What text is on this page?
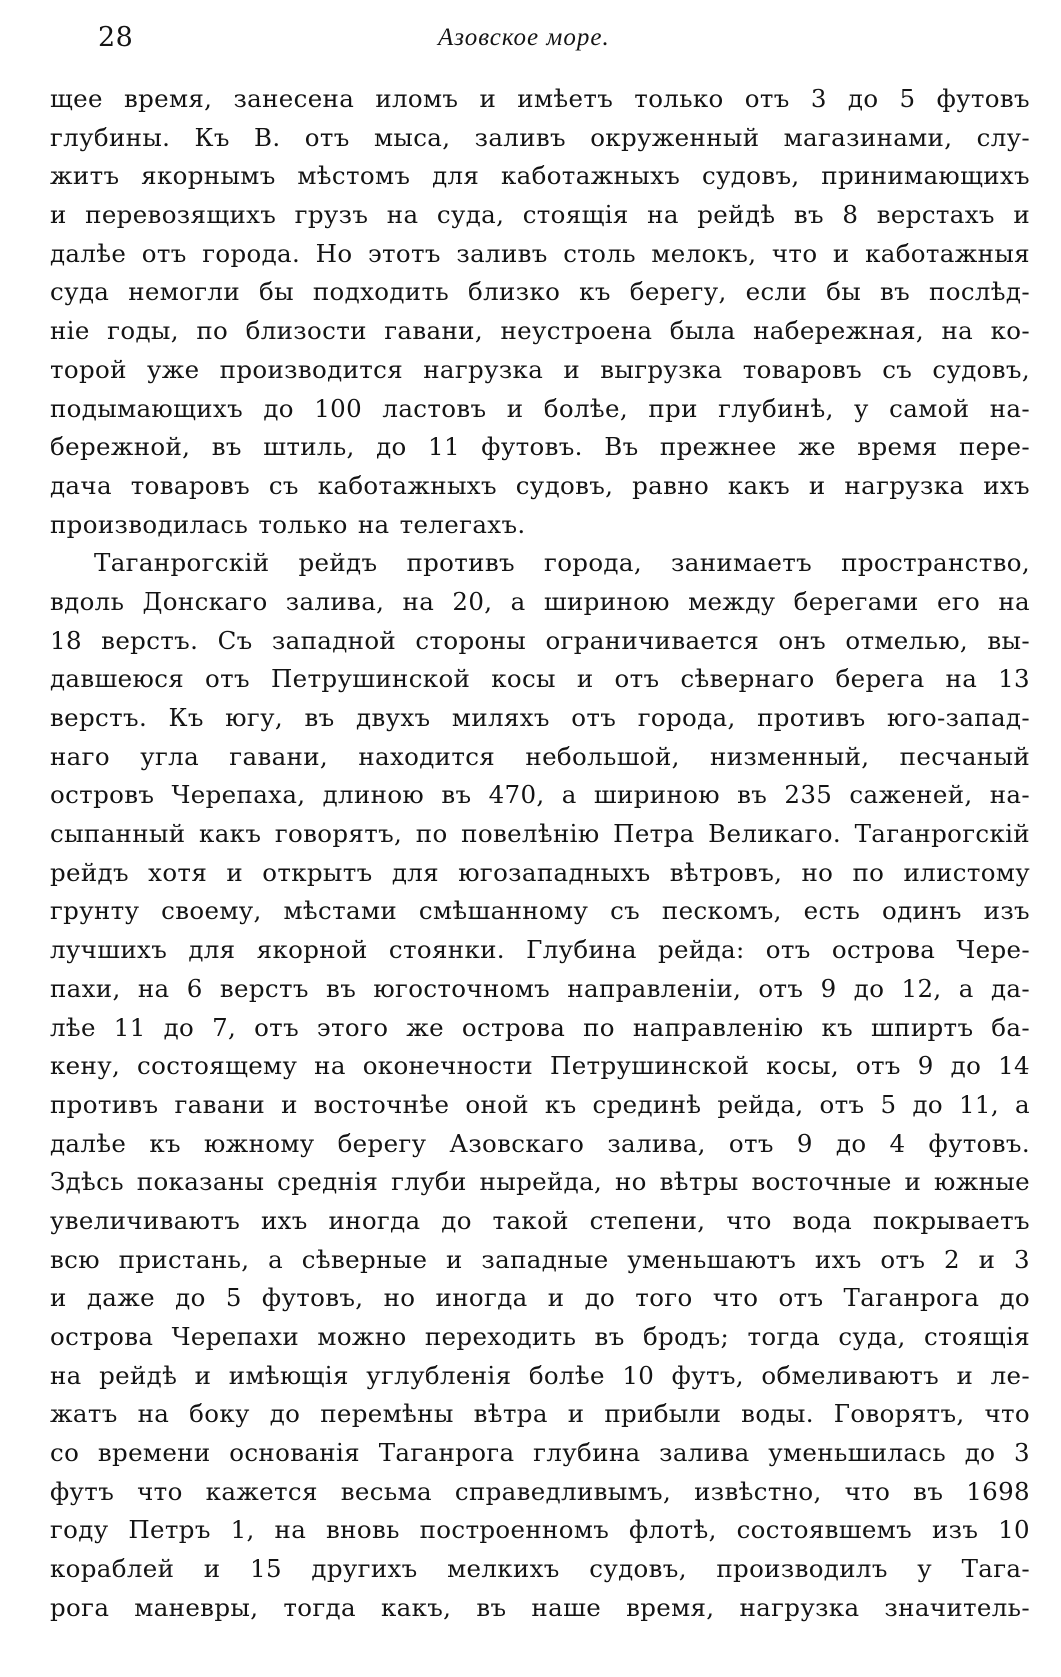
28	Азовское море.
щее время, занесена иломъ и имѣетъ только отъ 3 до 5 футовъ
глубины. Къ В. отъ мыса, заливъ окруженный магазинами, слу-
житъ якорнымъ мѣстомъ для каботажныхъ судовъ, принимающихъ
и перевозящихъ грузъ на суда, стоящія на рейдѣ въ 8 верстахъ и
далѣе отъ города. Но этотъ заливъ столь мелокъ, что и каботажныя
суда немогли бы подходить близко къ берегу, если бы въ послѣд-
ніе годы, по близости гавани, неустроена была набережная, на ко-
торой уже производится нагрузка и выгрузка товаровъ съ судовъ,
подымающихъ до 100 ластовъ и болѣе, при глубинѣ, у самой на-
бережной, въ штиль, до 11 футовъ. Въ прежнее же время пере-
дача товаровъ съ каботажныхъ судовъ, равно какъ и нагрузка ихъ
производилась только на телегахъ.
Таганрогскій рейдъ противъ города, занимаетъ пространство,
вдоль Донскаго залива, на 20, а шириною между берегами его на
18 верстъ. Съ западной стороны ограничивается онъ отмелью, вы-
давшеюся отъ Петрушинской косы и отъ сѣвернаго берега на 13
верстъ. Къ югу, въ двухъ миляхъ отъ города, противъ юго-запад-
наго угла гавани, находится небольшой, низменный, песчаный
островъ Черепаха, длиною въ 470, а шириною въ 235 саженей, на-
сыпанный какъ говорятъ, по повелѣнію Петра Великаго. Таганрогскій
рейдъ хотя и открытъ для югозападныхъ вѣтровъ, но по илистому
грунту своему, мѣстами смѣшанному съ пескомъ, есть одинъ изъ
лучшихъ для якорной стоянки. Глубина рейда: отъ острова Чере-
пахи, на 6 верстъ въ югосточномъ направленіи, отъ 9 до 12, а да-
лѣе 11 до 7, отъ этого же острова по направленію къ шпиртъ ба-
кену, состоящему на оконечности Петрушинской косы, отъ 9 до 14
противъ гавани и восточнѣе оной къ срединѣ рейда, отъ 5 до 11, а
далѣе къ южному берегу Азовскаго залива, отъ 9 до 4 футовъ.
Здѣсь показаны среднія глуби нырейда, но вѣтры восточные и южные
увеличиваютъ ихъ иногда до такой степени, что вода покрываетъ
всю пристань, а сѣверные и западные уменьшаютъ ихъ отъ 2 и 3
и даже до 5 футовъ, но иногда и до того что отъ Таганрога до
острова Черепахи можно переходить въ бродъ; тогда суда, стоящія
на рейдѣ и имѣющія углубленія болѣе 10 футъ, обмеливаютъ и ле-
жатъ на боку до перемѣны вѣтра и прибыли воды. Говорятъ, что
со времени основанія Таганрога глубина залива уменьшилась до 3
футъ что кажется весьма справедливымъ, извѣстно, что въ 1698
году Петръ 1, на вновь построенномъ флотѣ, состоявшемъ изъ 10
кораблей и 15 другихъ мелкихъ судовъ, производилъ у Тага-
рога маневры, тогда какъ, въ наше время, нагрузка значитель-
